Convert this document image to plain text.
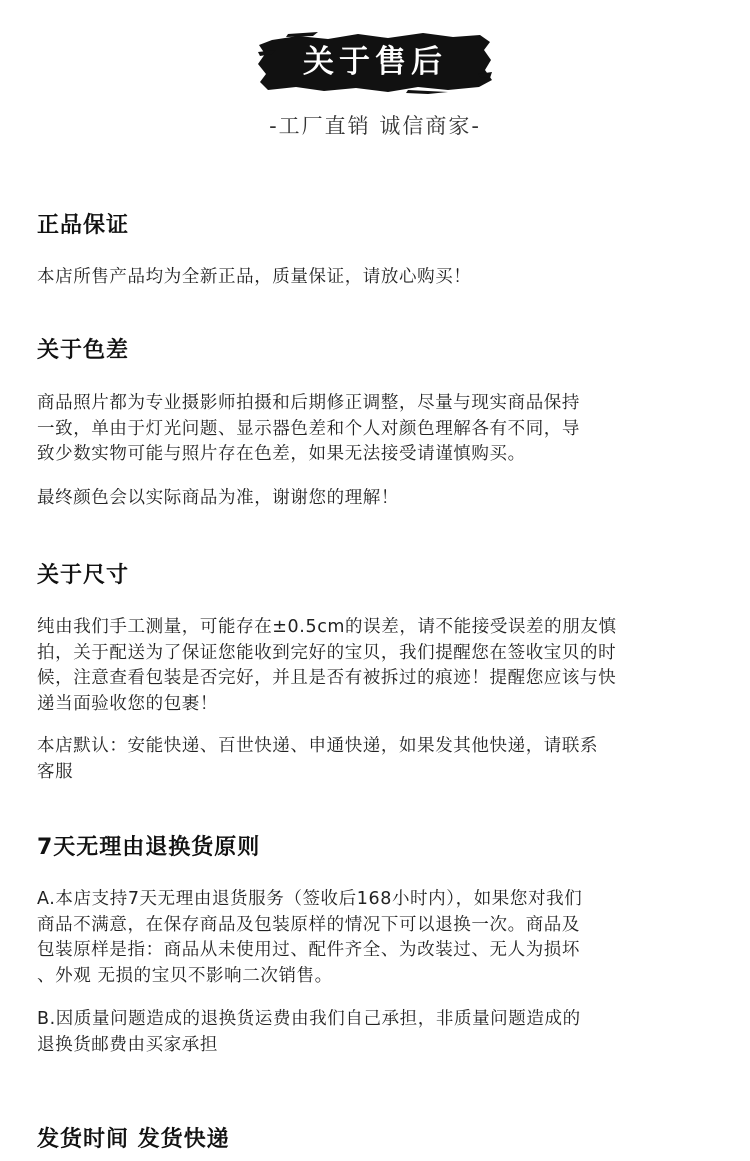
关于售后
-工厂直销 诚信商家-
正品保证

本店所售产品均为全新正品，质量保证，请放心购买！

关于色差

商品照片都为专业摄影师拍摄和后期修正调整，尽量与现实商品保持
一致，单由于灯光问题、显示器色差和个人对颜色理解各有不同，导
致少数实物可能与照片存在色差，如果无法接受请谨慎购买。

最终颜色会以实际商品为准，谢谢您的理解！

关于尺寸

纯由我们手工测量，可能存在±0.5cm的误差，请不能接受误差的朋友慎
拍，关于配送为了保证您能收到完好的宝贝，我们提醒您在签收宝贝的时
候，注意查看包装是否完好，并且是否有被拆过的痕迹！提醒您应该与快
递当面验收您的包裹！

本店默认：安能快递、百世快递、申通快递，如果发其他快递，请联系
客服

7天无理由退换货原则

A.本店支持7天无理由退货服务（签收后168小时内），如果您对我们
商品不满意，在保存商品及包装原样的情况下可以退换一次。商品及
包装原样是指：商品从未使用过、配件齐全、为改装过、无人为损坏
、外观 无损的宝贝不影响二次销售。

B.因质量问题造成的退换货运费由我们自己承担，非质量问题造成的
退换货邮费由买家承担

发货时间 发货快递
